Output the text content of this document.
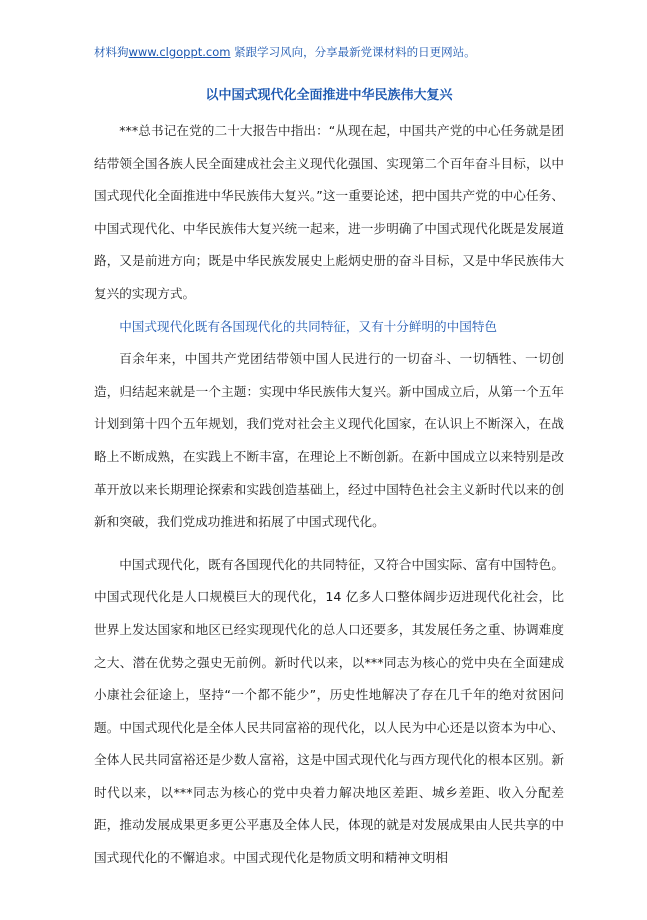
材料狗www.clgoppt.com 紧跟学习风向，分享最新党课材料的日更网站。
以中国式现代化全面推进中华民族伟大复兴

***总书记在党的二十大报告中指出：“从现在起，中国共产党的中心任务就是团结带领全国各族人民全面建成社会主义现代化强国、实现第二个百年奋斗目标，以中国式现代化全面推进中华民族伟大复兴。”这一重要论述，把中国共产党的中心任务、中国式现代化、中华民族伟大复兴统一起来，进一步明确了中国式现代化既是发展道路，又是前进方向；既是中华民族发展史上彪炳史册的奋斗目标，又是中华民族伟大复兴的实现方式。

中国式现代化既有各国现代化的共同特征，又有十分鲜明的中国特色

百余年来，中国共产党团结带领中国人民进行的一切奋斗、一切牺牲、一切创造，归结起来就是一个主题：实现中华民族伟大复兴。新中国成立后，从第一个五年计划到第十四个五年规划，我们党对社会主义现代化国家，在认识上不断深入，在战略上不断成熟，在实践上不断丰富，在理论上不断创新。在新中国成立以来特别是改革开放以来长期理论探索和实践创造基础上，经过中国特色社会主义新时代以来的创新和突破，我们党成功推进和拓展了中国式现代化。

中国式现代化，既有各国现代化的共同特征，又符合中国实际、富有中国特色。中国式现代化是人口规模巨大的现代化，14 亿多人口整体阔步迈进现代化社会，比世界上发达国家和地区已经实现现代化的总人口还要多，其发展任务之重、协调难度之大、潜在优势之强史无前例。新时代以来，以***同志为核心的党中央在全面建成小康社会征途上，坚持“一个都不能少”，历史性地解决了存在几千年的绝对贫困问题。中国式现代化是全体人民共同富裕的现代化，以人民为中心还是以资本为中心、全体人民共同富裕还是少数人富裕，这是中国式现代化与西方现代化的根本区别。新时代以来，以***同志为核心的党中央着力解决地区差距、城乡差距、收入分配差距，推动发展成果更多更公平惠及全体人民，体现的就是对发展成果由人民共享的中国式现代化的不懈追求。中国式现代化是物质文明和精神文明相
